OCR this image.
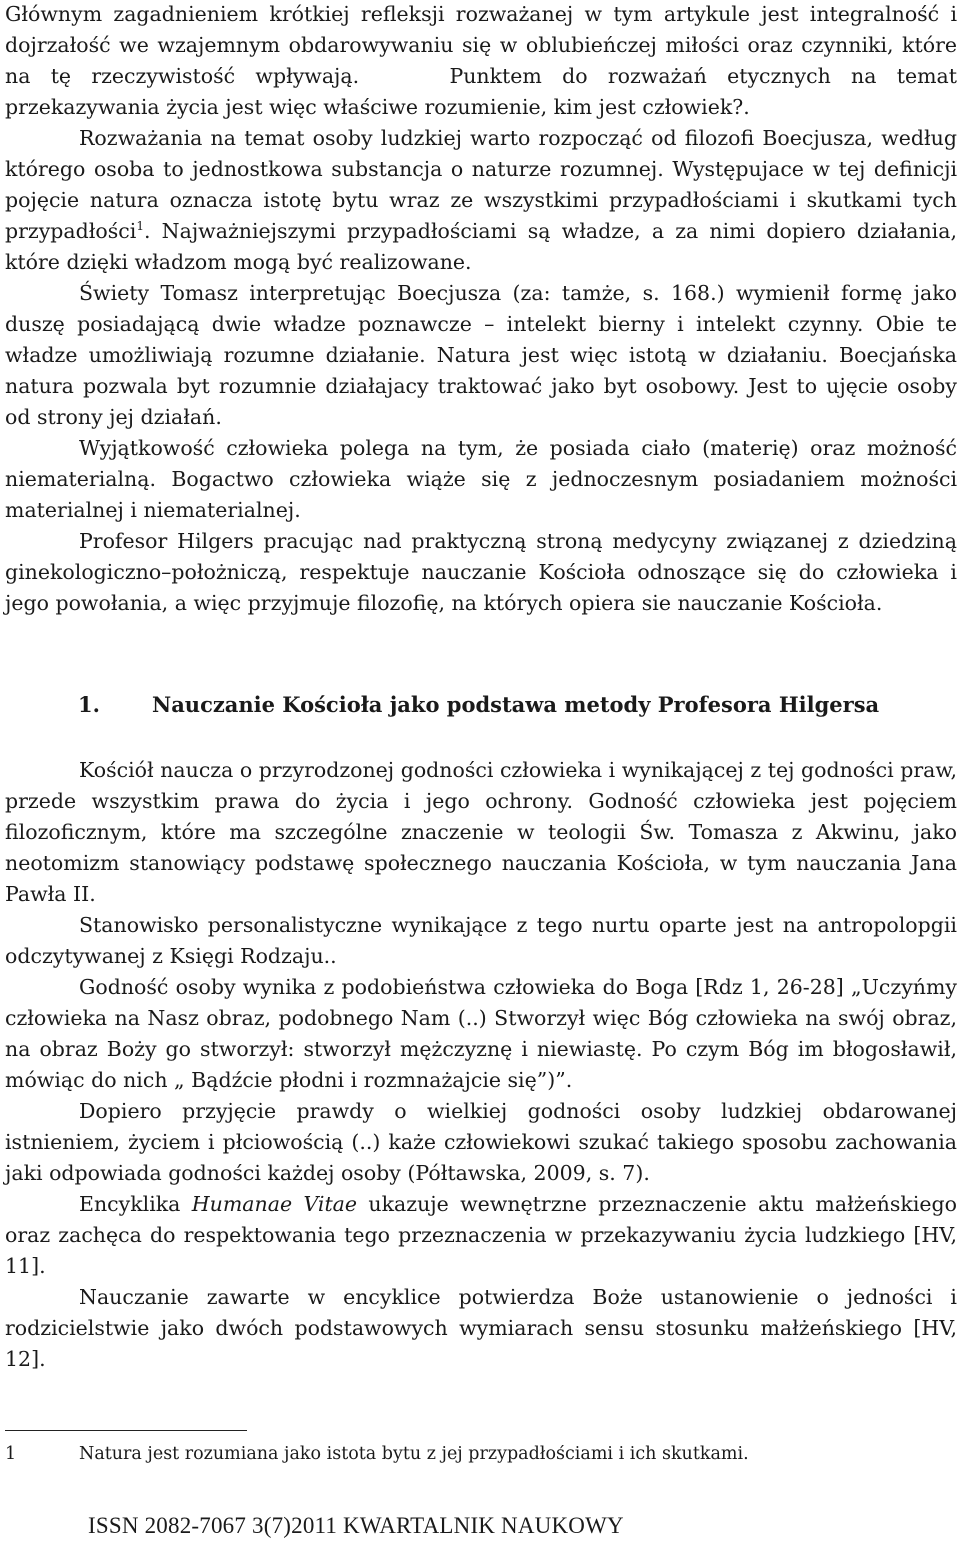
Głównym zagadnieniem krótkiej refleksji rozważanej w tym artykule jest integralność i dojrzałość we wzajemnym obdarowywaniu się w oblubieńczej miłości oraz czynniki, które na tę rzeczywistość wpływają.	Punktem do rozważań etycznych na temat przekazywania życia jest więc właściwe rozumienie, kim jest człowiek?.

Rozważania na temat osoby ludzkiej warto rozpocząć od filozofi Boecjusza, według którego osoba to jednostkowa substancja o naturze rozumnej. Występujace w tej definicji pojęcie natura oznacza istotę bytu wraz ze wszystkimi przypadłościami i skutkami tych przypadłości$^1$. Najważniejszymi przypadłościami są władze, a za nimi dopiero działania, które dzięki władzom mogą być realizowane.

Świety Tomasz interpretując Boecjusza (za: tamże, s. 168.) wymienił formę jako duszę posiadającą dwie władze poznawcze – intelekt bierny i intelekt czynny. Obie te władze umożliwiają rozumne działanie. Natura jest więc istotą w działaniu. Boecjańska natura pozwala byt rozumnie działajacy traktować jako byt osobowy. Jest to ujęcie osoby od strony jej działań.

Wyjątkowość człowieka polega na tym, że posiada ciało (materię) oraz możność niematerialną. Bogactwo człowieka wiąże się z jednoczesnym posiadaniem możności materialnej i niematerialnej.

Profesor Hilgers pracując nad praktyczną stroną medycyny związanej z dziedziną ginekologiczno–położniczą, respektuje nauczanie Kościoła odnoszące się do człowieka i jego powołania, a więc przyjmuje filozofię, na których opiera sie nauczanie Kościoła.

1. Nauczanie Kościoła jako podstawa metody Profesora Hilgersa

Kościół naucza o przyrodzonej godności człowieka i wynikającej z tej godności praw, przede wszystkim prawa do życia i jego ochrony. Godność człowieka jest pojęciem filozoficznym, które ma szczególne znaczenie w teologii Św. Tomasza z Akwinu, jako neotomizm stanowiący podstawę społecznego nauczania Kościoła, w tym nauczania Jana Pawła II.

Stanowisko personalistyczne wynikające z tego nurtu oparte jest na antropolopgii odczytywanej z Księgi Rodzaju..

Godność osoby wynika z podobieństwa człowieka do Boga [Rdz 1, 26-28] „Uczyńmy człowieka na Nasz obraz, podobnego Nam (..) Stworzył więc Bóg człowieka na swój obraz, na obraz Boży go stworzył: stworzył mężczyznę i niewiastę. Po czym Bóg im błogosławił, mówiąc do nich „ Bądźcie płodni i rozmnażajcie się”)”.

Dopiero przyjęcie prawdy o wielkiej godności osoby ludzkiej obdarowanej istnieniem, życiem i płciowością (..) każe człowiekowi szukać takiego sposobu zachowania jaki odpowiada godności każdej osoby (Półtawska, 2009, s. 7).

Encyklika Humanae Vitae ukazuje wewnętrzne przeznaczenie aktu małżeńskiego oraz zachęca do respektowania tego przeznaczenia w przekazywaniu życia ludzkiego [HV, 11].

Nauczanie zawarte w encyklice potwierdza Boże ustanowienie o jedności i rodzicielstwie jako dwóch podstawowych wymiarach sensu stosunku małżeńskiego [HV, 12].

1	Natura jest rozumiana jako istota bytu z jej przypadłościami i ich skutkami.
ISSN 2082-7067 3(7)2011 KWARTALNIK NAUKOWY
